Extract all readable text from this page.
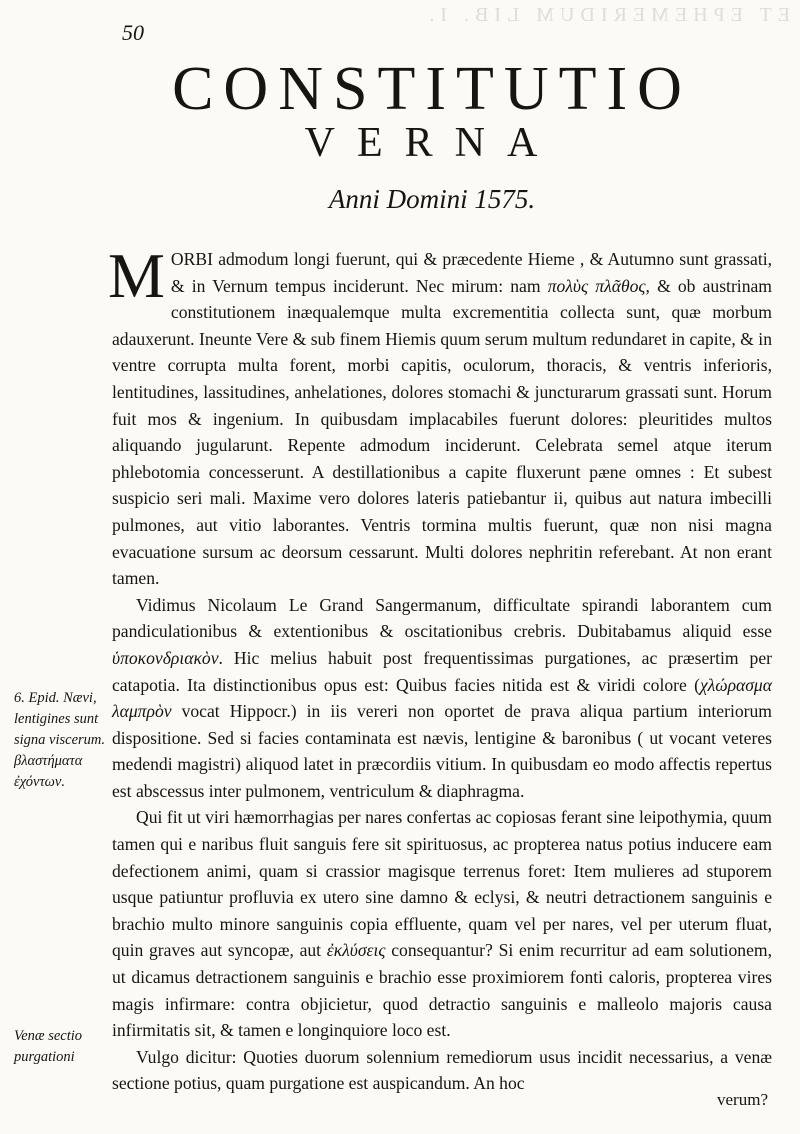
ET EPHEMERIDUM LIB. I.
50
CONSTITUTIO
VERNA
Anni Domini 1575.

MORBI admodum longi fuerunt, qui & præcedente Hieme , & Autumno sunt grassati, & in Vernum tempus inciderunt. Nec mirum: nam πολὺς πλᾶθος, & ob austrinam constitutionem inæqualemque multa excrementitia collecta sunt, quæ morbum adauxerunt. Ineunte Vere & sub finem Hiemis quum serum multum redundaret in capite, & in ventre corrupta multa forent, morbi capitis, oculorum, thoracis, & ventris inferioris, lentitudines, lassitudines, anhelationes, dolores stomachi & juncturarum grassati sunt. Horum fuit mos & ingenium. In quibusdam implacabiles fuerunt dolores: pleuritides multos aliquando jugularunt. Repente admodum inciderunt. Celebrata semel atque iterum phlebotomia concesserunt. A destillationibus a capite fluxerunt pæne omnes : Et subest suspicio seri mali. Maxime vero dolores lateris patiebantur ii, quibus aut natura imbecilli pulmones, aut vitio laborantes. Ventris tormina multis fuerunt, quæ non nisi magna evacuatione sursum ac deorsum cessarunt. Multi dolores nephritin referebant. At non erant tamen.

Vidimus Nicolaum Le Grand Sangermanum, difficultate spirandi laborantem cum pandiculationibus & extentionibus & oscitationibus crebris. Dubitabamus aliquid esse ὑποκονδριακὸν. Hic melius habuit post frequentissimas purgationes, ac præsertim per catapotia. Ita distinctionibus opus est: Quibus facies nitida est & viridi colore (χλώρασμα λαμπρὸν vocat Hippocr.) in iis vereri non oportet de prava aliqua partium interiorum dispositione. Sed si facies contaminata est nævis, lentigine & baronibus ( ut vocant veteres medendi magistri) aliquod latet in præcordiis vitium. In quibusdam eo modo affectis repertus est abscessus inter pulmonem, ventriculum & diaphragma.

Qui fit ut viri hæmorrhagias per nares confertas ac copiosas ferant sine leipothymia, quum tamen qui e naribus fluit sanguis fere sit spirituosus, ac propterea natus potius inducere eam defectionem animi, quam si crassior magisque terrenus foret: Item mulieres ad stuporem usque patiuntur profluvia ex utero sine damno & eclysi, & neutri detractionem sanguinis e brachio multo minore sanguinis copia effluente, quam vel per nares, vel per uterum fluat, quin graves aut syncopæ, aut ἐκλύσεις consequantur? Si enim recurritur ad eam solutionem, ut dicamus detractionem sanguinis e brachio esse proximiorem fonti caloris, propterea vires magis infirmare: contra objicietur, quod detractio sanguinis e malleolo majoris causa infirmitatis sit, & tamen e longinquiore loco est.

Vulgo dicitur: Quoties duorum solennium remediorum usus incidit necessarius, a venæ sectione potius, quam purgatione est auspicandum. An hoc

6. Epid. Nævi, lentigines sunt signa viscerum. βλαστήματα ἐχόντων.
Venæ sectio purgationi
verum?
